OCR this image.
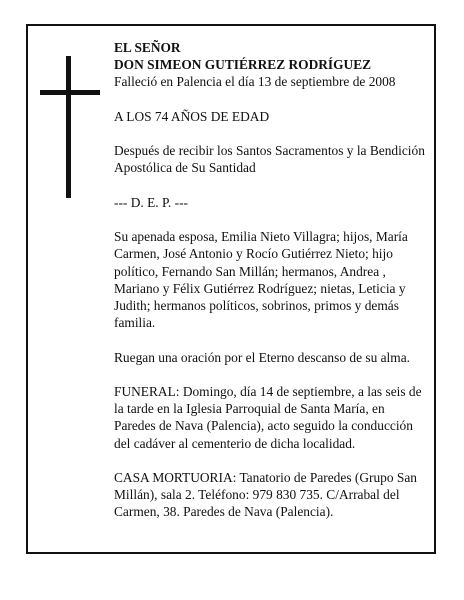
EL SEÑOR
DON SIMEON GUTIÉRREZ RODRÍGUEZ
Falleció en Palencia el día 13 de septiembre de 2008
A LOS 74 AÑOS DE EDAD
Después de recibir los Santos Sacramentos y la Bendición Apostólica de Su Santidad
--- D. E. P. ---
Su apenada esposa, Emilia Nieto Villagra; hijos, María Carmen, José Antonio y Rocío Gutiérrez Nieto; hijo político, Fernando San Millán; hermanos, Andrea , Mariano y Félix Gutiérrez Rodríguez; nietas, Leticia y Judith; hermanos políticos, sobrinos, primos y demás familia.
Ruegan una oración por el Eterno descanso de su alma.
FUNERAL: Domingo, día 14 de septiembre, a las seis de la tarde en la Iglesia Parroquial de Santa María, en Paredes de Nava (Palencia), acto seguido la conducción del cadáver al cementerio de dicha localidad.
CASA MORTUORIA: Tanatorio de Paredes (Grupo San Millán), sala 2. Teléfono: 979 830 735. C/Arrabal del Carmen, 38. Paredes de Nava (Palencia).
